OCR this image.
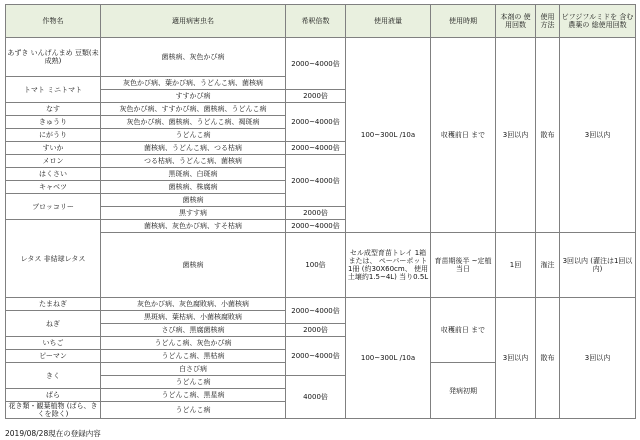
作物名	適用病害虫名	希釈倍数	使用液量	使用時期	本剤の 使用回数	使用 方法	ビフジフルミドを 含む農薬の 総使用回数
あずき いんげんまめ 豆類(未成熟)	菌核病、灰色かび病	2000~4000倍	100~300L /10a	収穫前日 まで	3回以内	散布	3回以内

トマト ミニトマト	灰色かび病、葉かび病、うどんこ病、菌核病						
	すすかび病	2000倍					
なす	灰色かび病、すすかび病、菌核病、うどんこ病	2000~4000倍					
きゅうり	灰色かび病、菌核病、うどんこ病、褐斑病						
にがうり	うどんこ病						
すいか	菌核病、うどんこ病、つる枯病	2000~4000倍					
メロン	つる枯病、うどんこ病、菌核病	2000~4000倍					
はくさい	黒斑病、白斑病						
キャベツ	菌核病、株腐病						
ブロッコリー	菌核病						
	黒すす病	2000倍					
レタス 非結球レタス	菌核病、灰色かび病、すそ枯病	2000~4000倍					
	菌核病	100倍	セル成型育苗トレイ 1箱または、 ペーパーポット1冊 (約30X60cm、 使用土壌約1.5~4L) 当り0.5L	育苗期後半 ~定植当日	1回	潅注	3回以内 (灌注は1回以内)

たまねぎ	灰色かび病、灰色腐敗病、小菌核病	2000~4000倍	100~300L /10a	収穫前日 まで	3回以内	散布	3回以内
ねぎ	黒斑病、葉枯病、小菌核腐敗病						
	さび病、黒腐菌核病	2000倍					
いちご	うどんこ病、灰色かび病	2000~4000倍					
ピーマン	うどんこ病、黒枯病						
きく	白さび病			発病初期			
	うどんこ病	4000倍					
ばら	うどんこ病、黒星病						
花き類・観葉植物 (ばら、きくを除く)	うどんこ病						
2019/08/28現在の登録内容
